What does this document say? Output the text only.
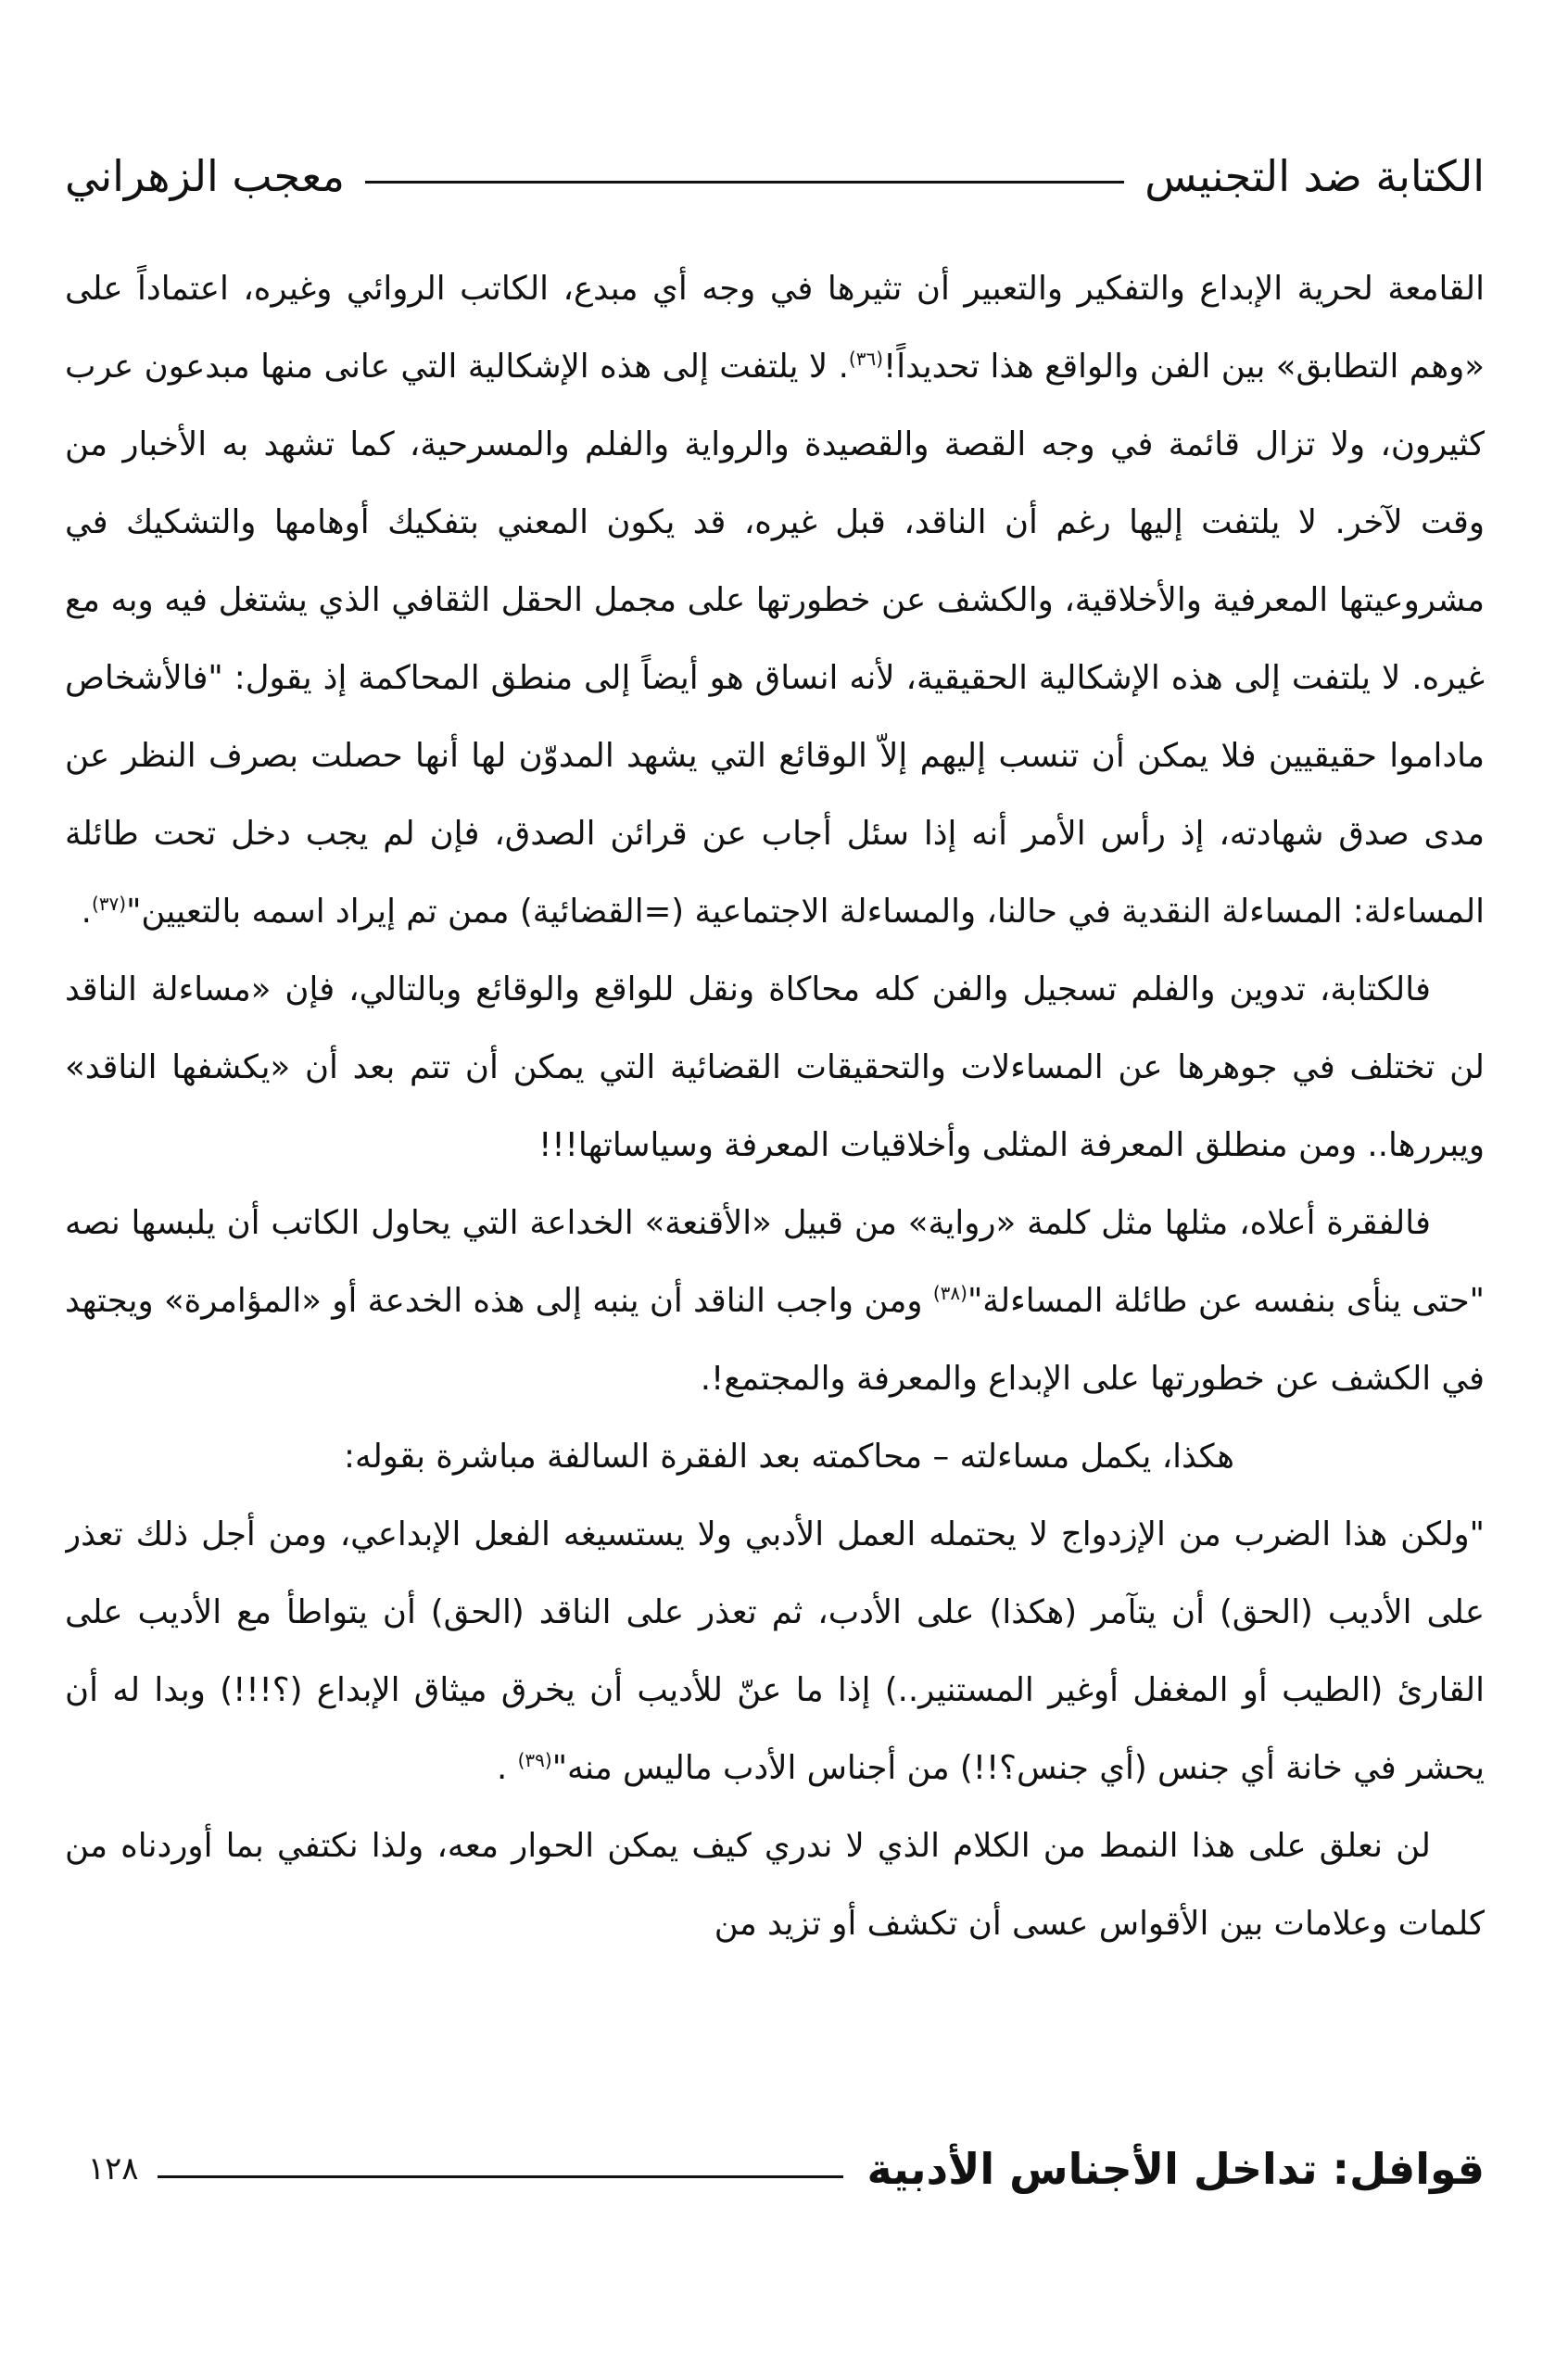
الكتابة ضد التجنيس
معجب الزهراني

القامعة لحرية الإبداع والتفكير والتعبير أن تثيرها في وجه أي مبدع، الكاتب الروائي وغيره، اعتماداً على «وهم التطابق» بين الفن والواقع هذا تحديداً!$^{(٣٦)}$. لا يلتفت إلى هذه الإشكالية التي عانى منها مبدعون عرب كثيرون، ولا تزال قائمة في وجه القصة والقصيدة والرواية والفلم والمسرحية، كما تشهد به الأخبار من وقت لآخر. لا يلتفت إليها رغم أن الناقد، قبل غيره، قد يكون المعني بتفكيك أوهامها والتشكيك في مشروعيتها المعرفية والأخلاقية، والكشف عن خطورتها على مجمل الحقل الثقافي الذي يشتغل فيه وبه مع غيره. لا يلتفت إلى هذه الإشكالية الحقيقية، لأنه انساق هو أيضاً إلى منطق المحاكمة إذ يقول: "فالأشخاص ماداموا حقيقيين فلا يمكن أن تنسب إليهم إلاّ الوقائع التي يشهد المدوّن لها أنها حصلت بصرف النظر عن مدى صدق شهادته، إذ رأس الأمر أنه إذا سئل أجاب عن قرائن الصدق، فإن لم يجب دخل تحت طائلة المساءلة: المساءلة النقدية في حالنا، والمساءلة الاجتماعية (=القضائية) ممن تم إيراد اسمه بالتعيين"$^{(٣٧)}$.

فالكتابة، تدوين والفلم تسجيل والفن كله محاكاة ونقل للواقع والوقائع وبالتالي، فإن «مساءلة الناقد لن تختلف في جوهرها عن المساءلات والتحقيقات القضائية التي يمكن أن تتم بعد أن «يكشفها الناقد» ويبررها.. ومن منطلق المعرفة المثلى وأخلاقيات المعرفة وسياساتها!!!

فالفقرة أعلاه، مثلها مثل كلمة «رواية» من قبيل «الأقنعة» الخداعة التي يحاول الكاتب أن يلبسها نصه "حتى ينأى بنفسه عن طائلة المساءلة"$^{(٣٨)}$ ومن واجب الناقد أن ينبه إلى هذه الخدعة أو «المؤامرة» ويجتهد في الكشف عن خطورتها على الإبداع والمعرفة والمجتمع!.

هكذا، يكمل مساءلته – محاكمته بعد الفقرة السالفة مباشرة بقوله:

"ولكن هذا الضرب من الإزدواج لا يحتمله العمل الأدبي ولا يستسيغه الفعل الإبداعي، ومن أجل ذلك تعذر على الأديب (الحق) أن يتآمر (هكذا) على الأدب، ثم تعذر على الناقد (الحق) أن يتواطأ مع الأديب على القارئ (الطيب أو المغفل أوغير المستنير..) إذا ما عنّ للأديب أن يخرق ميثاق الإبداع (؟!!!) وبدا له أن يحشر في خانة أي جنس (أي جنس؟!!) من أجناس الأدب ماليس منه"$^{(٣٩)}$ .

لن نعلق على هذا النمط من الكلام الذي لا ندري كيف يمكن الحوار معه، ولذا نكتفي بما أوردناه من كلمات وعلامات بين الأقواس عسى أن تكشف أو تزيد من

قوافل: تداخل الأجناس الأدبية
١٢٨
